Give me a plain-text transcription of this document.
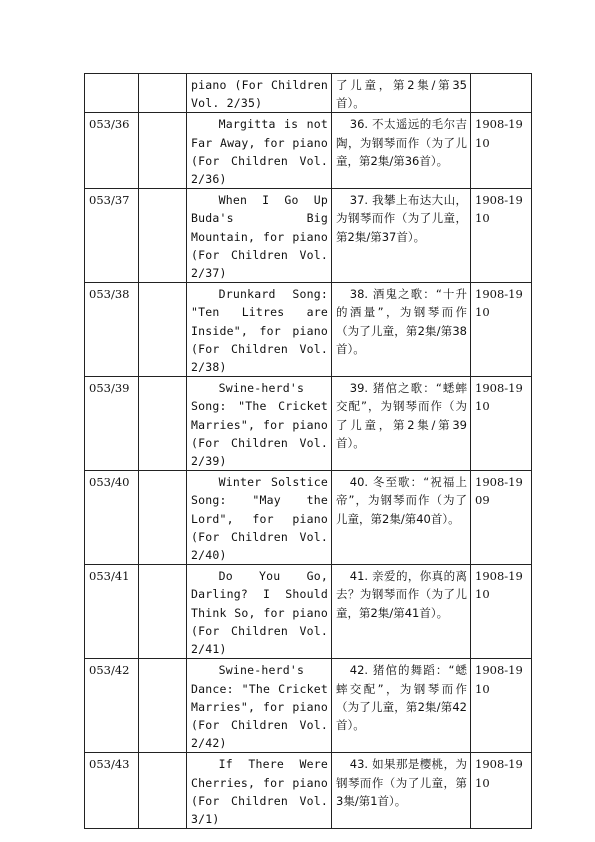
		piano (For Children Vol. 2/35)	了儿童，第2集/第35首）。	
053/36		Margitta is not Far Away, for piano (For Children Vol. 2/36)	36. 不太遥远的毛尔吉陶，为钢琴而作（为了儿童，第2集/第36首）。	1908-1910
053/37		When I Go Up Buda's Big Mountain, for piano (For Children Vol. 2/37)	37. 我攀上布达大山，为钢琴而作（为了儿童，第2集/第37首）。	1908-1910
053/38		Drunkard Song: "Ten Litres are Inside", for piano (For Children Vol. 2/38)	38. 酒鬼之歌：“十升的酒量”，为钢琴而作（为了儿童，第2集/第38首）。	1908-1910
053/39		Swine-herd's Song: "The Cricket Marries", for piano (For Children Vol. 2/39)	39. 猪倌之歌：“蟋蟀交配”，为钢琴而作（为了儿童，第2集/第39首）。	1908-1910
053/40		Winter Solstice Song: "May the Lord", for piano (For Children Vol. 2/40)	40. 冬至歌：“祝福上帝”，为钢琴而作（为了儿童，第2集/第40首）。	1908-1909
053/41		Do You Go, Darling? I Should Think So, for piano (For Children Vol. 2/41)	41. 亲爱的，你真的离去？为钢琴而作（为了儿童，第2集/第41首）。	1908-1910
053/42		Swine-herd's Dance: "The Cricket Marries", for piano (For Children Vol. 2/42)	42. 猪倌的舞蹈：“蟋蟀交配”，为钢琴而作（为了儿童，第2集/第42首）。	1908-1910
053/43		If There Were Cherries, for piano (For Children Vol. 3/1)	43. 如果那是樱桃，为钢琴而作（为了儿童，第3集/第1首）。	1908-1910
